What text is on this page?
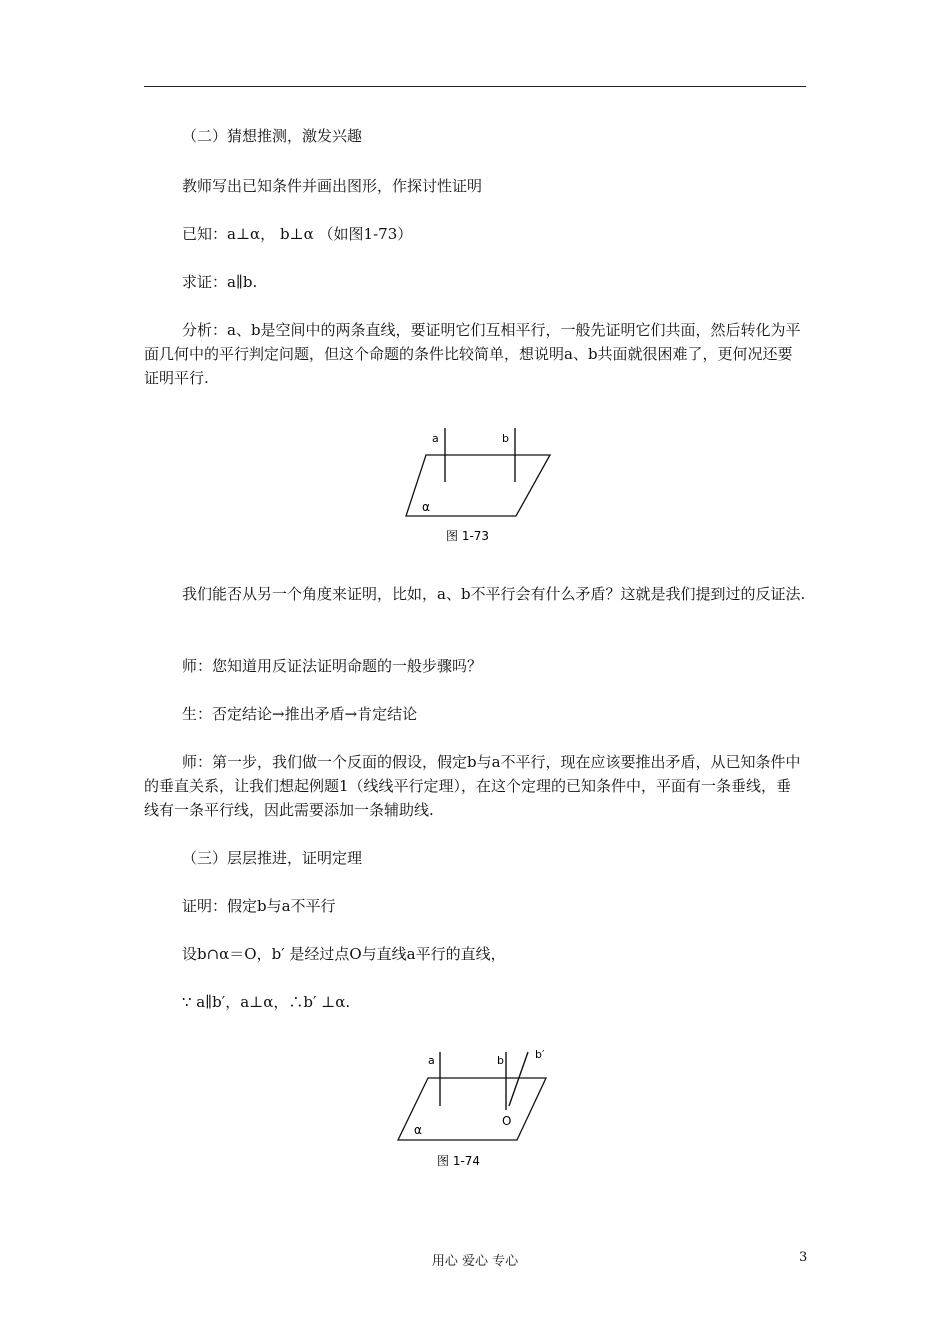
（二）猜想推测，激发兴趣

教师写出已知条件并画出图形，作探讨性证明

已知：a⊥α， b⊥α （如图1-73）

求证：a∥b.

分析：a、b是空间中的两条直线，要证明它们互相平行，一般先证明它们共面，然后转化为平面几何中的平行判定问题，但这个命题的条件比较简单，想说明a、b共面就很困难了，更何况还要证明平行.

a	b
α
图 1-73

我们能否从另一个角度来证明，比如，a、b不平行会有什么矛盾？这就是我们提到过的反证法.

师：您知道用反证法证明命题的一般步骤吗？

生：否定结论→推出矛盾→肯定结论

师：第一步，我们做一个反面的假设，假定b与a不平行，现在应该要推出矛盾，从已知条件中的垂直关系，让我们想起例题1（线线平行定理），在这个定理的已知条件中，平面有一条垂线，垂线有一条平行线，因此需要添加一条辅助线.

（三）层层推进，证明定理

证明：假定b与a不平行

设b∩α＝O，b′ 是经过点O与直线a平行的直线，

∵ a∥b′，a⊥α，∴b′ ⊥α.

a	b	b′
O
α
图 1-74
用心 爱心 专心	3
